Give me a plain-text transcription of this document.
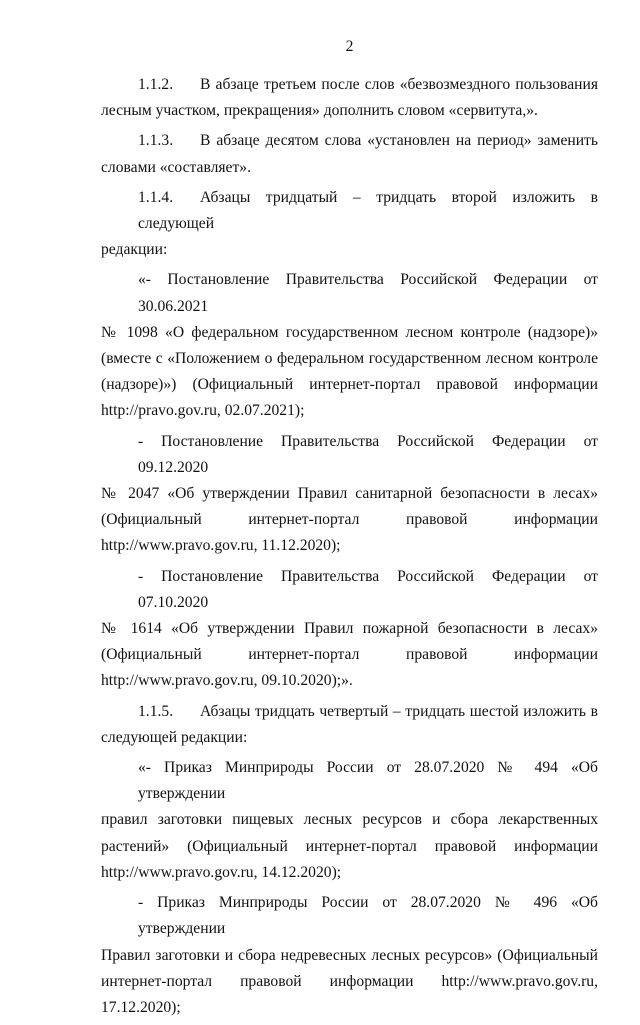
2
1.1.2. В абзаце третьем после слов «безвозмездного пользования
лесным участком, прекращения» дополнить словом «сервитута,».
1.1.3. В абзаце десятом слова «установлен на период» заменить
словами «составляет».
1.1.4. Абзацы тридцатый – тридцать второй изложить в следующей
редакции:
«- Постановление Правительства Российской Федерации от 30.06.2021
№ 1098 «О федеральном государственном лесном контроле (надзоре)»
(вместе с «Положением о федеральном государственном лесном контроле
(надзоре)») (Официальный интернет-портал правовой информации
http://pravo.gov.ru, 02.07.2021);
- Постановление Правительства Российской Федерации от 09.12.2020
№ 2047 «Об утверждении Правил санитарной безопасности в лесах»
(Официальный интернет-портал правовой информации
http://www.pravo.gov.ru, 11.12.2020);
- Постановление Правительства Российской Федерации от 07.10.2020
№ 1614 «Об утверждении Правил пожарной безопасности в лесах»
(Официальный интернет-портал правовой информации
http://www.pravo.gov.ru, 09.10.2020);».
1.1.5. Абзацы тридцать четвертый – тридцать шестой изложить в
следующей редакции:
«- Приказ Минприроды России от 28.07.2020 № 494 «Об утверждении
правил заготовки пищевых лесных ресурсов и сбора лекарственных
растений» (Официальный интернет-портал правовой информации
http://www.pravo.gov.ru, 14.12.2020);
- Приказ Минприроды России от 28.07.2020 № 496 «Об утверждении
Правил заготовки и сбора недревесных лесных ресурсов» (Официальный
интернет-портал правовой информации http://www.pravo.gov.ru, 17.12.2020);
